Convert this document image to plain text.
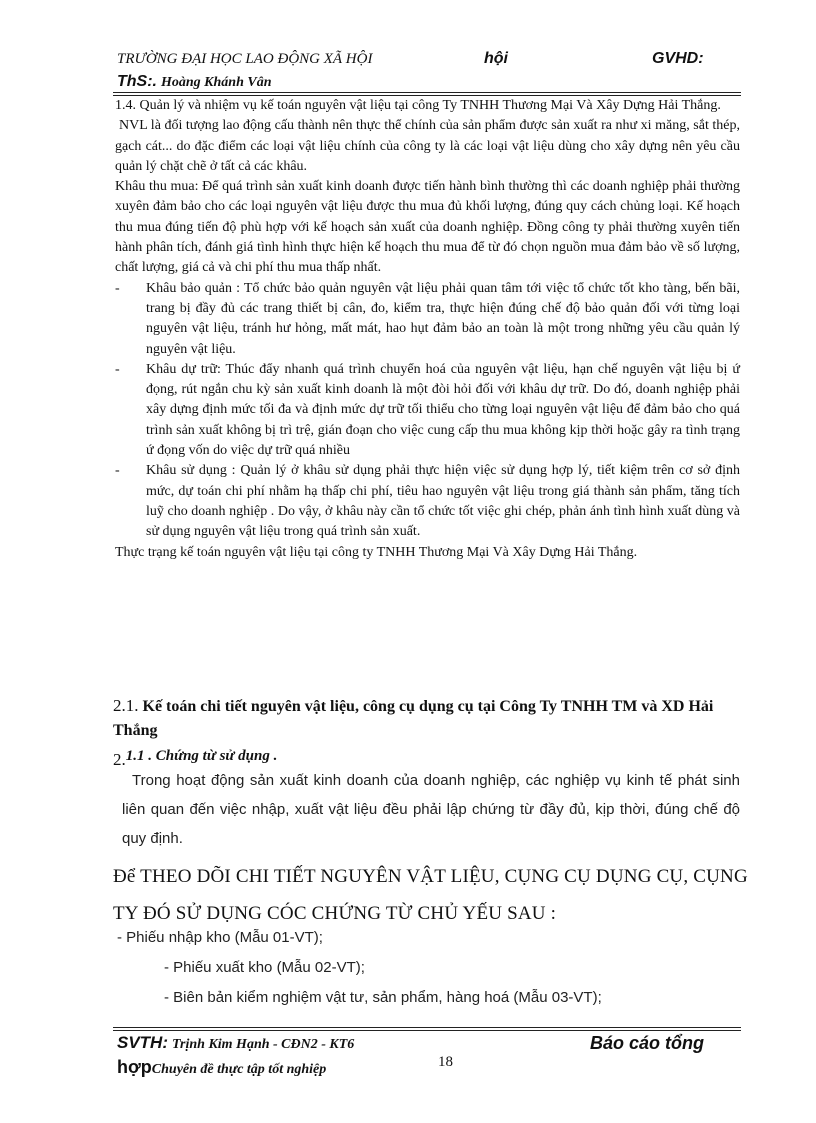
TRƯỜNG ĐẠI HỌC LAO ĐỘNG XÃ HỘI	hội	GVHD:
ThS:. Hoàng Khánh Vân

1.4. Quản lý và nhiệm vụ kế toán nguyên vật liệu tại công Ty TNHH Thương Mại Và Xây Dựng Hải Thắng.

NVL là đối tượng lao động cấu thành nên thực thể chính của sản phẩm được sản xuất ra như xi măng, sắt thép, gạch cát... do đặc điểm các loại vật liệu chính của công ty là các loại vật liệu dùng cho xây dựng nên yêu cầu quản lý chặt chẽ ở tất cả các khâu.

Khâu thu mua: Để quá trình sản xuất kinh doanh được tiến hành bình thường thì các doanh nghiệp phải thường xuyên đảm bảo cho các loại nguyên vật liệu được thu mua đủ khối lượng, đúng quy cách chủng loại. Kế hoạch thu mua đúng tiến độ phù hợp với kế hoạch sản xuất của doanh nghiệp. Đồng công ty phải thường xuyên tiến hành phân tích, đánh giá tình hình thực hiện kế hoạch thu mua để từ đó chọn nguồn mua đảm bảo về số lượng, chất lượng, giá cả và chi phí thu mua thấp nhất.

- Khâu bảo quản : Tổ chức bảo quản nguyên vật liệu phải quan tâm tới việc tổ chức tốt kho tàng, bến bãi, trang bị đầy đủ các trang thiết bị cân, đo, kiểm tra, thực hiện đúng chế độ bảo quản đối với từng loại nguyên vật liệu, tránh hư hỏng, mất mát, hao hụt đảm bảo an toàn là một trong những yêu cầu quản lý nguyên vật liệu.
- Khâu dự trữ: Thúc đẩy nhanh quá trình chuyển hoá của nguyên vật liệu, hạn chế nguyên vật liệu bị ứ đọng, rút ngắn chu kỳ sản xuất kinh doanh là một đòi hỏi đối với khâu dự trữ. Do đó, doanh nghiệp phải xây dựng định mức tối đa và định mức dự trữ tối thiểu cho từng loại nguyên vật liệu để đảm bảo cho quá trình sản xuất không bị trì trệ, gián đoạn cho việc cung cấp thu mua không kịp thời hoặc gây ra tình trạng ứ đọng vốn do việc dự trữ quá nhiều
- Khâu sử dụng : Quản lý ở khâu sử dụng phải thực hiện việc sử dụng hợp lý, tiết kiệm trên cơ sở định mức, dự toán chi phí nhằm hạ thấp chi phí, tiêu hao nguyên vật liệu trong giá thành sản phẩm, tăng tích luỹ cho doanh nghiệp . Do vậy, ở khâu này cần tổ chức tốt việc ghi chép, phản ánh tình hình xuất dùng và sử dụng nguyên vật liệu trong quá trình sản xuất.

Thực trạng kế toán nguyên vật liệu tại công ty TNHH Thương Mại Và Xây Dựng Hải Thắng.

2.1. Kế toán chi tiết nguyên vật liệu, công cụ dụng cụ tại Công Ty TNHH TM và XD Hải Thắng
2.1.1 . Chứng từ sử dụng .

Trong hoạt động sản xuất kinh doanh của doanh nghiệp, các nghiệp vụ kinh tế phát sinh liên quan đến việc nhập, xuất vật liệu đều phải lập chứng từ đầy đủ, kịp thời, đúng chế độ quy định.

Để THEO DÕI CHI TIẾT NGUYÊN VẬT LIỆU, CỤNG CỤ DỤNG CỤ, CỤNG
TY ĐÓ SỬ DỤNG CÓC CHỨNG TỪ CHỦ YẾU SAU :
- Phiếu nhập kho (Mẫu 01-VT);
- Phiếu xuất kho (Mẫu 02-VT);
- Biên bản kiểm nghiệm vật tư, sản phẩm, hàng hoá (Mẫu 03-VT);
SVTH: Trịnh Kim Hạnh - CĐN2 - KT6	Báo cáo tổng
hợpChuyên đề thực tập tốt nghiệp	18
